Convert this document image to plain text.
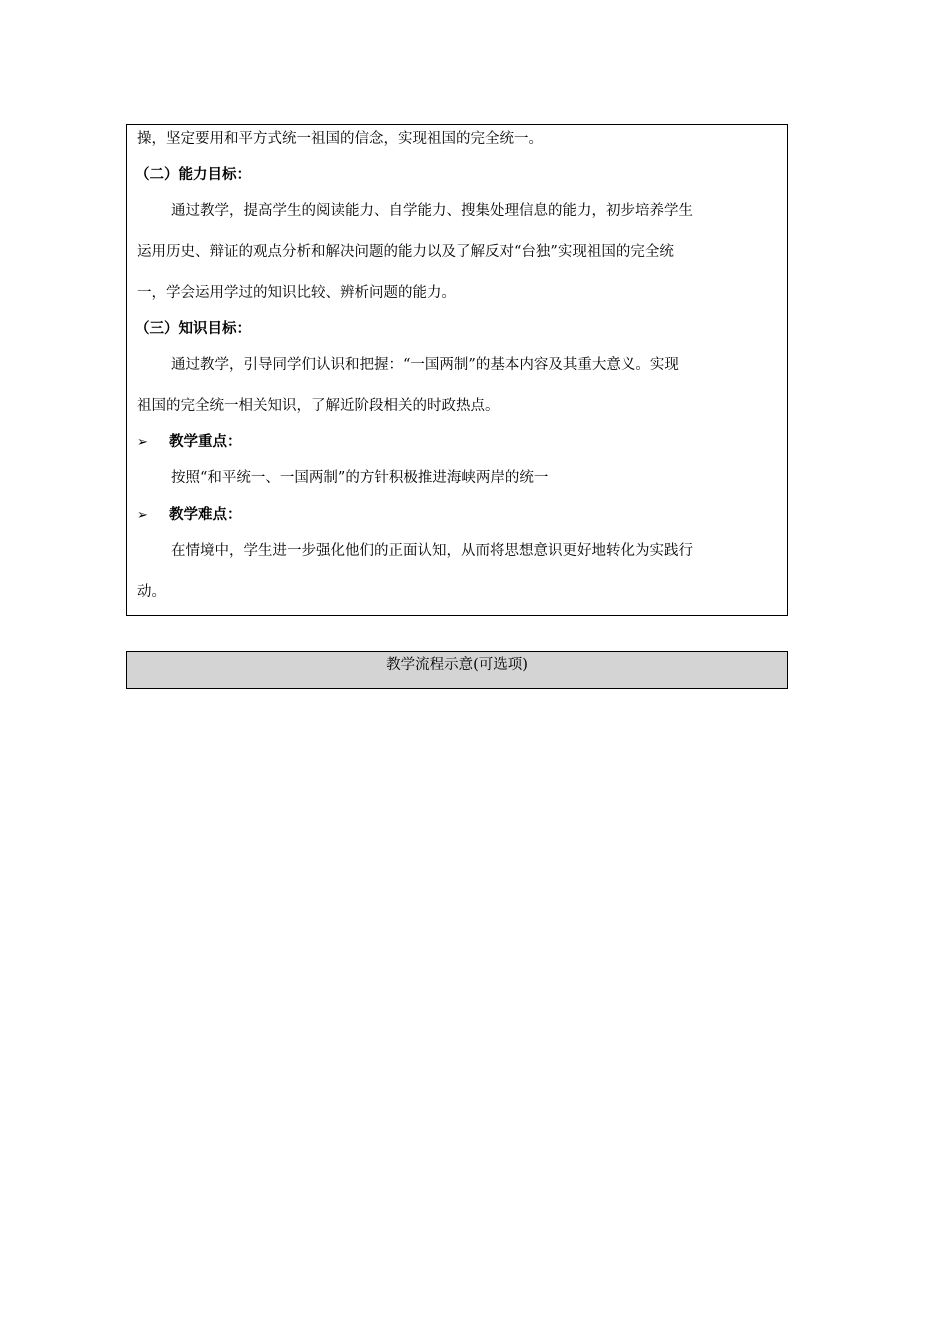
操，坚定要用和平方式统一祖国的信念，实现祖国的完全统一。
（二）能力目标：
通过教学，提高学生的阅读能力、自学能力、搜集处理信息的能力，初步培养学生
运用历史、辩证的观点分析和解决问题的能力以及了解反对“台独”实现祖国的完全统
一，学会运用学过的知识比较、辨析问题的能力。
（三）知识目标：
通过教学，引导同学们认识和把握：“一国两制”的基本内容及其重大意义。实现
祖国的完全统一相关知识，了解近阶段相关的时政热点。
➢ 教学重点：
按照“和平统一、一国两制”的方针积极推进海峡两岸的统一
➢ 教学难点：
在情境中，学生进一步强化他们的正面认知，从而将思想意识更好地转化为实践行
动。
教学流程示意(可选项)
